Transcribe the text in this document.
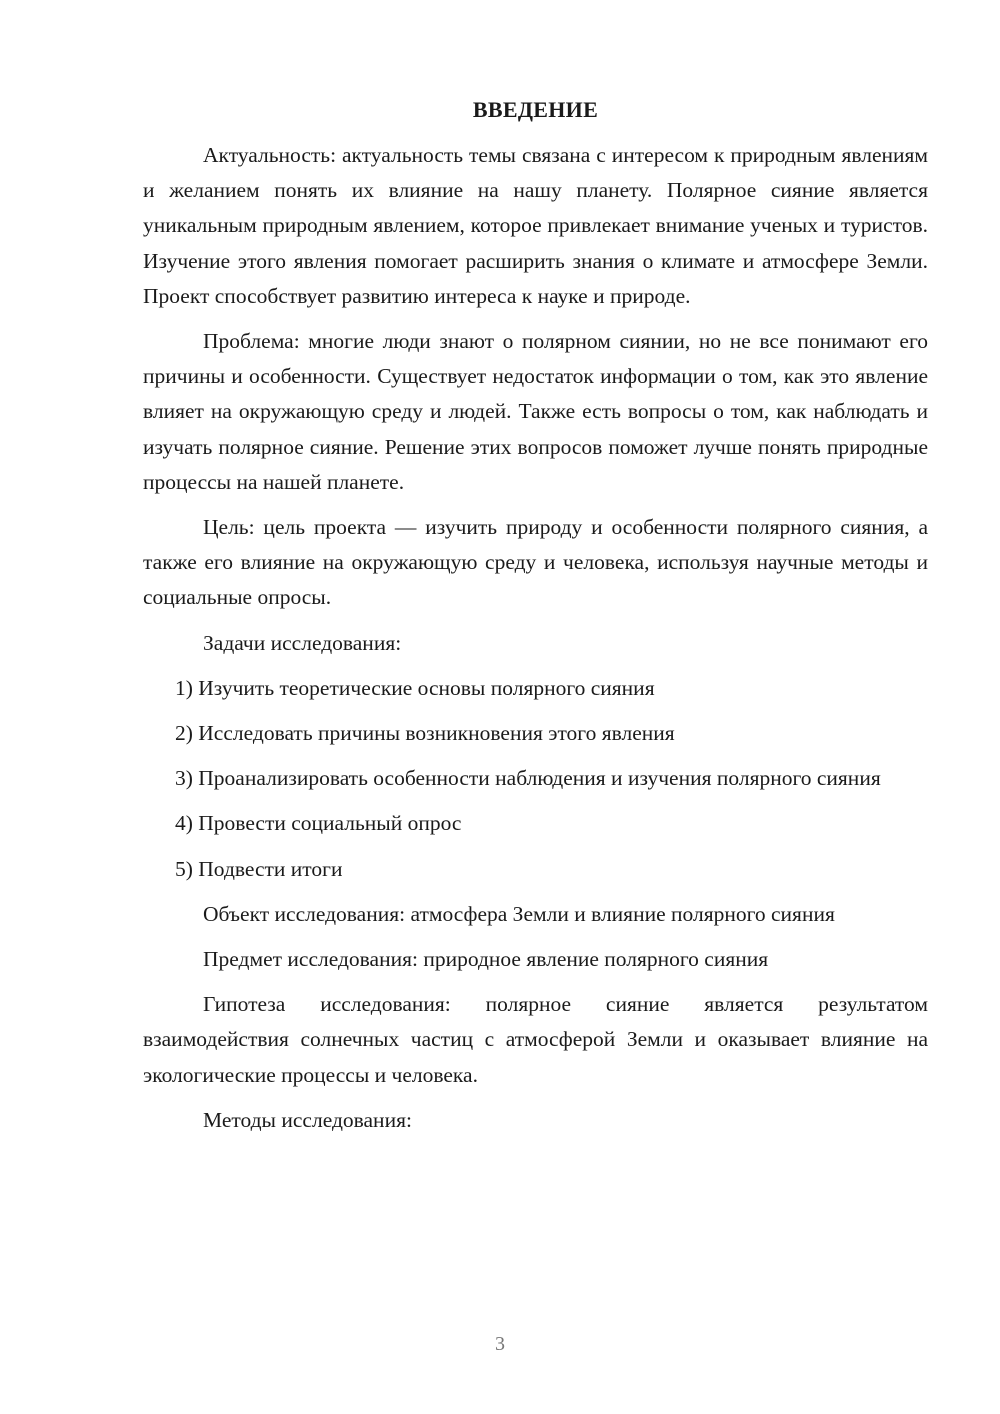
ВВЕДЕНИЕ

Актуальность: актуальность темы связана с интересом к природным явлениям и желанием понять их влияние на нашу планету. Полярное сияние является уникальным природным явлением, которое привлекает внимание ученых и туристов. Изучение этого явления помогает расширить знания о климате и атмосфере Земли. Проект способствует развитию интереса к науке и природе.

Проблема: многие люди знают о полярном сиянии, но не все понимают его причины и особенности. Существует недостаток информации о том, как это явление влияет на окружающую среду и людей. Также есть вопросы о том, как наблюдать и изучать полярное сияние. Решение этих вопросов поможет лучше понять природные процессы на нашей планете.

Цель: цель проекта — изучить природу и особенности полярного сияния, а также его влияние на окружающую среду и человека, используя научные методы и социальные опросы.

Задачи исследования:

1) Изучить теоретические основы полярного сияния

2) Исследовать причины возникновения этого явления

3) Проанализировать особенности наблюдения и изучения полярного сияния

4) Провести социальный опрос

5) Подвести итоги

Объект исследования: атмосфера Земли и влияние полярного сияния

Предмет исследования: природное явление полярного сияния

Гипотеза исследования: полярное сияние является результатом взаимодействия солнечных частиц с атмосферой Земли и оказывает влияние на экологические процессы и человека.

Методы исследования:

3
